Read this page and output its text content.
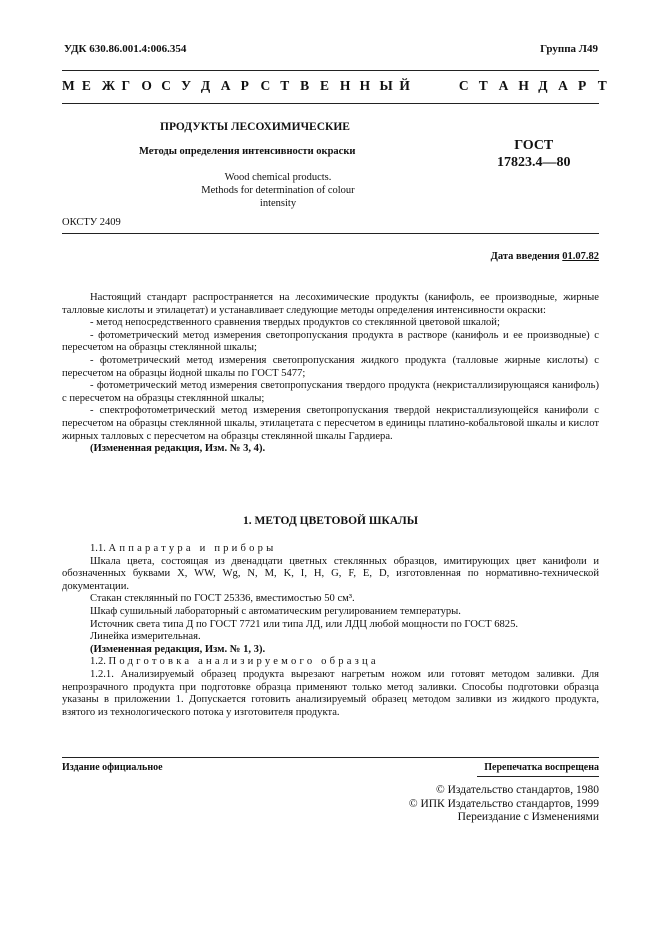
УДК 630.86.001.4:006.354	Группа Л49
М Е Ж Г О С У Д А Р С Т В Е Н Н Ы Й	С Т А Н Д А Р Т
ПРОДУКТЫ ЛЕСОХИМИЧЕСКИЕ
Методы определения интенсивности окраски
Wood chemical products.
Methods for determination of colour intensity
ГОСТ
17823.4—80
ОКСТУ 2409
Дата введения 01.07.82

Настоящий стандарт распространяется на лесохимические продукты (канифоль, ее производные, жирные талловые кислоты и этилацетат) и устанавливает следующие методы определения интенсивности окраски:

- метод непосредственного сравнения твердых продуктов со стеклянной цветовой шкалой;

- фотометрический метод измерения светопропускания продукта в растворе (канифоль и ее производные) с пересчетом на образцы стеклянной шкалы;

- фотометрический метод измерения светопропускания жидкого продукта (талловые жирные кислоты) с пересчетом на образцы йодной шкалы по ГОСТ 5477;

- фотометрический метод измерения светопропускания твердого продукта (некристаллизирующаяся канифоль) с пересчетом на образцы стеклянной шкалы;

- спектрофотометрический метод измерения светопропускания твердой некристаллизующейся канифоли с пересчетом на образцы стеклянной шкалы, этилацетата с пересчетом в единицы платино-кобальтовой шкалы и кислот жирных талловых с пересчетом на образцы стеклянной шкалы Гардиера.

(Измененная редакция, Изм. № 3, 4).

1. МЕТОД ЦВЕТОВОЙ ШКАЛЫ

1.1. Аппаратура и приборы

Шкала цвета, состоящая из двенадцати цветных стеклянных образцов, имитирующих цвет канифоли и обозначенных буквами X, WW, Wg, N, M, K, I, H, G, F, E, D, изготовленная по нормативно-технической документации.

Стакан стеклянный по ГОСТ 25336, вместимостью 50 см³.

Шкаф сушильный лабораторный с автоматическим регулированием температуры.

Источник света типа Д по ГОСТ 7721 или типа ЛД, или ЛДЦ любой мощности по ГОСТ 6825.

Линейка измерительная.

(Измененная редакция, Изм. № 1, 3).

1.2. Подготовка анализируемого образца

1.2.1. Анализируемый образец продукта вырезают нагретым ножом или готовят методом заливки. Для непрозрачного продукта при подготовке образца применяют только метод заливки. Способы подготовки образца указаны в приложении 1. Допускается готовить анализируемый образец методом заливки из жидкого продукта, взятого из технологического потока у изготовителя продукта.

Издание официальное	Перепечатка воспрещена
© Издательство стандартов, 1980
© ИПК Издательство стандартов, 1999
Переиздание с Изменениями
